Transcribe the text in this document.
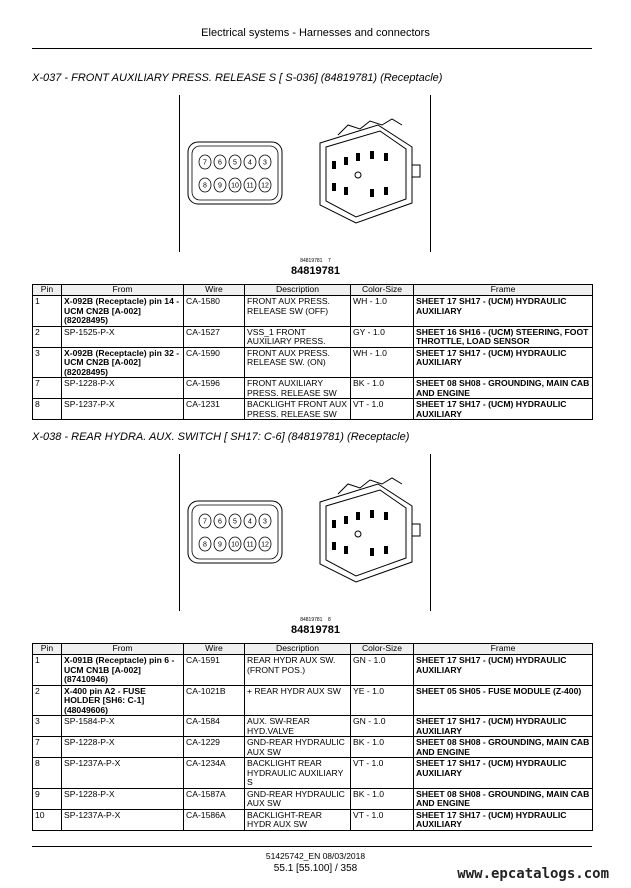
Electrical systems - Harnesses and connectors
X-037 - FRONT AUXILIARY PRESS. RELEASE S [ S-036] (84819781) (Receptacle)
7 6 5 4 3
8 9 10 11 12
84819781 7
84819781
Pin	From	Wire	Description	Color-Size	Frame
1	X-092B (Receptacle) pin 14 - UCM CN2B [A-002] (82028495)	CA-1580	FRONT AUX PRESS. RELEASE SW (OFF)	WH - 1.0	SHEET 17 SH17 - (UCM) HYDRAULIC AUXILIARY
2	SP-1525-P-X	CA-1527	VSS_1 FRONT AUXILIARY PRESS.	GY - 1.0	SHEET 16 SH16 - (UCM) STEERING, FOOT THROTTLE, LOAD SENSOR
3	X-092B (Receptacle) pin 32 - UCM CN2B [A-002] (82028495)	CA-1590	FRONT AUX PRESS. RELEASE SW. (ON)	WH - 1.0	SHEET 17 SH17 - (UCM) HYDRAULIC AUXILIARY
7	SP-1228-P-X	CA-1596	FRONT AUXILIARY PRESS. RELEASE SW	BK - 1.0	SHEET 08 SH08 - GROUNDING, MAIN CAB AND ENGINE
8	SP-1237-P-X	CA-1231	BACKLIGHT FRONT AUX PRESS. RELEASE SW	VT - 1.0	SHEET 17 SH17 - (UCM) HYDRAULIC AUXILIARY
X-038 - REAR HYDRA. AUX. SWITCH [ SH17: C-6] (84819781) (Receptacle)
7 6 5 4 3
8 9 10 11 12
84819781 8
84819781
Pin	From	Wire	Description	Color-Size	Frame
1	X-091B (Receptacle) pin 6 - UCM CN1B [A-002] (87410946)	CA-1591	REAR HYDR AUX SW.(FRONT POS.)	GN - 1.0	SHEET 17 SH17 - (UCM) HYDRAULIC AUXILIARY
2	X-400 pin A2 - FUSE HOLDER [SH6: C-1] (48049606)	CA-1021B	+ REAR HYDR AUX SW	YE - 1.0	SHEET 05 SH05 - FUSE MODULE (Z-400)
3	SP-1584-P-X	CA-1584	AUX. SW-REAR HYD.VALVE	GN - 1.0	SHEET 17 SH17 - (UCM) HYDRAULIC AUXILIARY
7	SP-1228-P-X	CA-1229	GND-REAR HYDRAULIC AUX SW	BK - 1.0	SHEET 08 SH08 - GROUNDING, MAIN CAB AND ENGINE
8	SP-1237A-P-X	CA-1234A	BACKLIGHT REAR HYDRAULIC AUXILIARY S	VT - 1.0	SHEET 17 SH17 - (UCM) HYDRAULIC AUXILIARY
9	SP-1228-P-X	CA-1587A	GND-REAR HYDRAULIC AUX SW	BK - 1.0	SHEET 08 SH08 - GROUNDING, MAIN CAB AND ENGINE
10	SP-1237A-P-X	CA-1586A	BACKLIGHT-REAR HYDR AUX SW	VT - 1.0	SHEET 17 SH17 - (UCM) HYDRAULIC AUXILIARY
51425742_EN 08/03/2018
55.1 [55.100] / 358	www.epcatalogs.com
